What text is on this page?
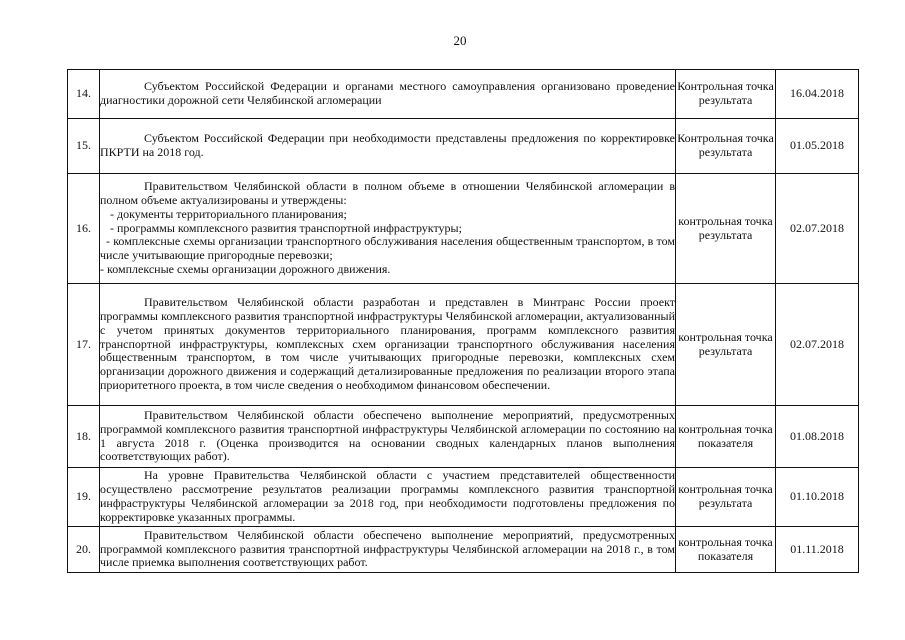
20
14.	Субъектом Российской Федерации и органами местного самоуправления организовано проведение диагностики дорожной сети Челябинской агломерации	Контрольная точка результата	16.04.2018
15.	Субъектом Российской Федерации при необходимости представлены предложения по корректировке ПКРТИ на 2018 год.	Контрольная точка результата	01.05.2018
16.	Правительством Челябинской области в полном объеме в отношении Челябинской агломерации в полном объеме актуализированы и утверждены:
- документы территориального планирования;
- программы комплексного развития транспортной инфраструктуры;
- комплексные схемы организации транспортного обслуживания населения общественным транспортом, в том числе учитывающие пригородные перевозки;
- комплексные схемы организации дорожного движения.	контрольная точка результата	02.07.2018
17.	Правительством Челябинской области разработан и представлен в Минтранс России проект программы комплексного развития транспортной инфраструктуры Челябинской агломерации, актуализованный с учетом принятых документов территориального планирования, программ комплексного развития транспортной инфраструктуры, комплексных схем организации транспортного обслуживания населения общественным транспортом, в том числе учитывающих пригородные перевозки, комплексных схем организации дорожного движения и содержащий детализированные предложения по реализации второго этапа приоритетного проекта, в том числе сведения о необходимом финансовом обеспечении.	контрольная точка результата	02.07.2018
18.	Правительством Челябинской области обеспечено выполнение мероприятий, предусмотренных программой комплексного развития транспортной инфраструктуры Челябинской агломерации по состоянию на 1 августа 2018 г. (Оценка производится на основании сводных календарных планов выполнения соответствующих работ).	контрольная точка показателя	01.08.2018
19.	На уровне Правительства Челябинской области с участием представителей общественности осуществлено рассмотрение результатов реализации программы комплексного развития транспортной инфраструктуры Челябинской агломерации за 2018 год, при необходимости подготовлены предложения по корректировке указанных программы.	контрольная точка результата	01.10.2018
20.	Правительством Челябинской области обеспечено выполнение мероприятий, предусмотренных программой комплексного развития транспортной инфраструктуры Челябинской агломерации на 2018 г., в том числе приемка выполнения соответствующих работ.	контрольная точка показателя	01.11.2018
